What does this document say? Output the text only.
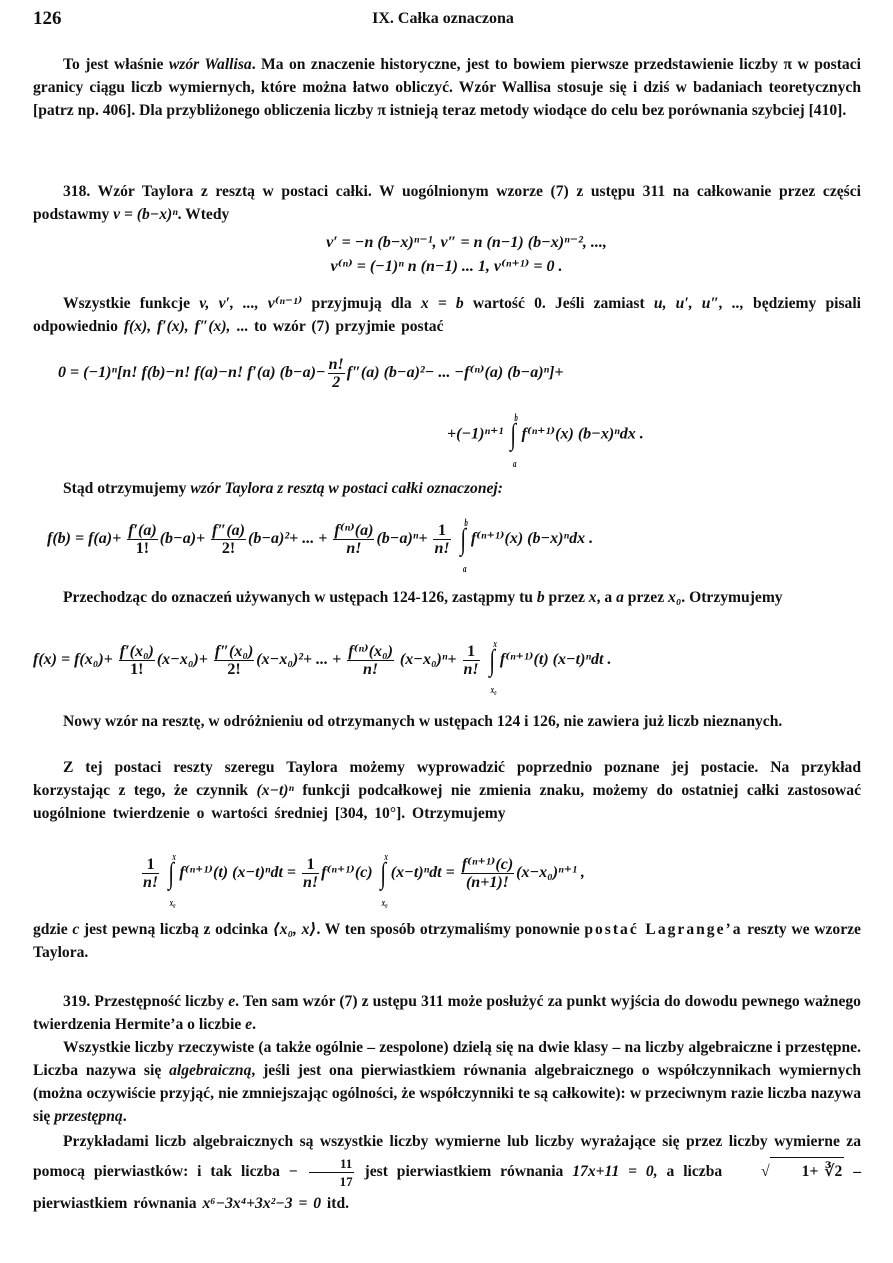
126	IX. Całka oznaczona

To jest właśnie wzór Wallisa. Ma on znaczenie historyczne, jest to bowiem pierwsze przedstawienie liczby π w postaci granicy ciągu liczb wymiernych, które można łatwo obliczyć. Wzór Wallisa stosuje się i dziś w badaniach teoretycznych [patrz np. 406]. Dla przybliżonego obliczenia liczby π istnieją teraz metody wiodące do celu bez porównania szybciej [410].

318. Wzór Taylora z resztą w postaci całki. W uogólnionym wzorze (7) z ustępu 311 na całkowanie przez części podstawmy v = (b−x)ⁿ. Wtedy

v′ = −n (b−x)ⁿ⁻¹, v″ = n (n−1) (b−x)ⁿ⁻², ...,
v⁽ⁿ⁾ = (−1)ⁿ n (n−1) ... 1, v⁽ⁿ⁺¹⁾ = 0 .

Wszystkie funkcje v, v′, ..., v⁽ⁿ⁻¹⁾ przyjmują dla x = b wartość 0. Jeśli zamiast u, u′, u″, .., będziemy pisali odpowiednio f(x), f′(x), f″(x), ... to wzór (7) przyjmie postać

0 = (−1)ⁿ[n! f(b)−n! f(a)−n! f′(a) $(b-a)- \frac{n!}{2} f''(a)$ (b−a)²− ... −f⁽ⁿ⁾(a) (b−a)ⁿ]+
+(−1)ⁿ⁺¹ ∫
b
a
f⁽ⁿ⁺¹⁾(x) (b−x)ⁿdx .

Stąd otrzymujemy wzór Taylora z resztą w postaci całki oznaczonej:

$f(b) = f(a)+ \frac{f'(a)}{1!} (b-a)+ \frac{f''(a)}{2!} (b-a)^2+$ ... + $\frac{\text{f⁽ⁿ⁾(a)}}{n!} (b-a)^n+ \frac{1}{n!}$ ∫
b
a
f⁽ⁿ⁺¹⁾(x) (b−x)ⁿdx .

Przechodząc do oznaczeń używanych w ustępach 124-126, zastąpmy tu b przez x, a a przez x₀. Otrzymujemy

$f(x) = f(x_0)+ \frac{\text{f′(x₀)}}{1!} (x-x_0)+ \frac{\text{f″(x₀)}}{2!} (x-x_0)^2+$ ... + $\frac{\text{f⁽ⁿ⁾(x₀)}}{n!} (x-x_0)^n+ \frac{1}{n!}$ ∫
x
x₀
f⁽ⁿ⁺¹⁾(t) (x−t)ⁿdt .

Nowy wzór na resztę, w odróżnieniu od otrzymanych w ustępach 124 i 126, nie zawiera już liczb nieznanych.

Z tej postaci reszty szeregu Taylora możemy wyprowadzić poprzednio poznane jej postacie. Na przykład korzystając z tego, że czynnik (x−t)ⁿ funkcji podcałkowej nie zmienia znaku, możemy do ostatniej całki zastosować uogólnione twierdzenie o wartości średniej [304, 10°]. Otrzymujemy

$\frac{1}{n!}$ ∫
x
x₀
f⁽ⁿ⁺¹⁾(t) $(x-t)^ndt = \frac{1}{n!} f^{(n+1)}(c)$ ∫
x
x₀
$(x-t)^ndt = \frac{\text{f⁽ⁿ⁺¹⁾(c)}}{(n+1)!} (x-x_0)^{n+1}$ ,

gdzie c jest pewną liczbą z odcinka ⟨x₀, x⟩. W ten sposób otrzymaliśmy ponownie postać Lagrange’a reszty we wzorze Taylora.

319. Przestępność liczby e. Ten sam wzór (7) z ustępu 311 może posłużyć za punkt wyjścia do dowodu pewnego ważnego twierdzenia Hermite’a o liczbie e.

Wszystkie liczby rzeczywiste (a także ogólnie – zespolone) dzielą się na dwie klasy – na liczby algebraiczne i przestępne. Liczba nazywa się algebraiczną, jeśli jest ona pierwiastkiem równania algebraicznego o współczynnikach wymiernych (można oczywiście przyjąć, nie zmniejszając ogólności, że współczynniki te są całkowite): w przeciwnym razie liczba nazywa się przestępną.

Przykładami liczb algebraicznych są wszystkie liczby wymierne lub liczby wyrażające się przez liczby wymierne za pomocą pierwiastków: i tak liczba − $\frac{11}{17}$ jest pierwiastkiem równania 17x+11 = 0, a liczba √ 1+ ∛2 – pierwiastkiem równania x⁶−3x⁴+3x²−3 = 0 itd.
